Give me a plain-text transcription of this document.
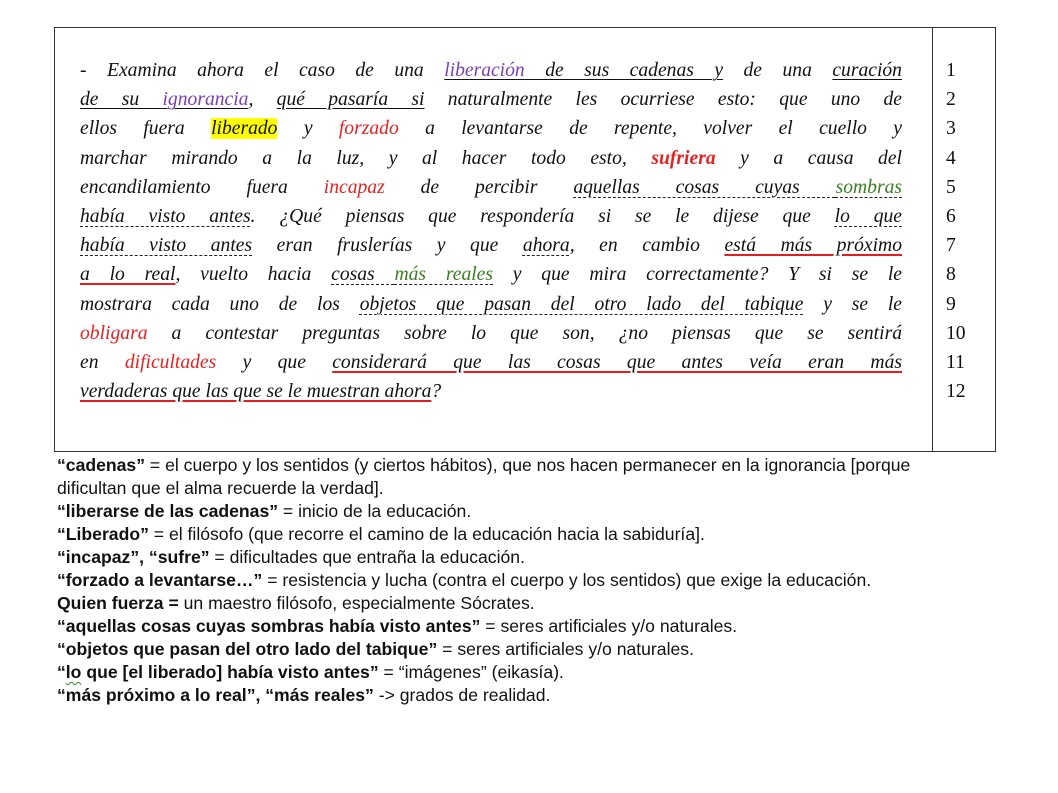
- Examina ahora el caso de una liberación de sus cadenas y de una curación
de su ignorancia, qué pasaría si naturalmente les ocurriese esto: que uno de
ellos fuera liberado y forzado a levantarse de repente, volver el cuello y
marchar mirando a la luz, y al hacer todo esto, sufriera y a causa del
encandilamiento fuera incapaz de percibir aquellas cosas cuyas sombras
había visto antes. ¿Qué piensas que respondería si se le dijese que lo que
había visto antes eran fruslerías y que ahora, en cambio está más próximo
a lo real, vuelto hacia cosas más reales y que mira correctamente? Y si se le
mostrara cada uno de los objetos que pasan del otro lado del tabique y se le
obligara a contestar preguntas sobre lo que son, ¿no piensas que se sentirá
en dificultades y que considerará que las cosas que antes veía eran más
verdaderas que las que se le muestran ahora?
1
2
3
4
5
6
7
8
9
10
11
12

“cadenas” = el cuerpo y los sentidos (y ciertos hábitos), que nos hacen permanecer en la ignorancia [porque dificultan que el alma recuerde la verdad].

“liberarse de las cadenas” = inicio de la educación.

“Liberado” = el filósofo (que recorre el camino de la educación hacia la sabiduría].

“incapaz”, “sufre” = dificultades que entraña la educación.

“forzado a levantarse…” = resistencia y lucha (contra el cuerpo y los sentidos) que exige la educación.

Quien fuerza = un maestro filósofo, especialmente Sócrates.

“aquellas cosas cuyas sombras había visto antes” = seres artificiales y/o naturales.

“objetos que pasan del otro lado del tabique” = seres artificiales y/o naturales.

“lo que [el liberado] había visto antes” = “imágenes” (eikasía).

“más próximo a lo real”, “más reales” -> grados de realidad.
